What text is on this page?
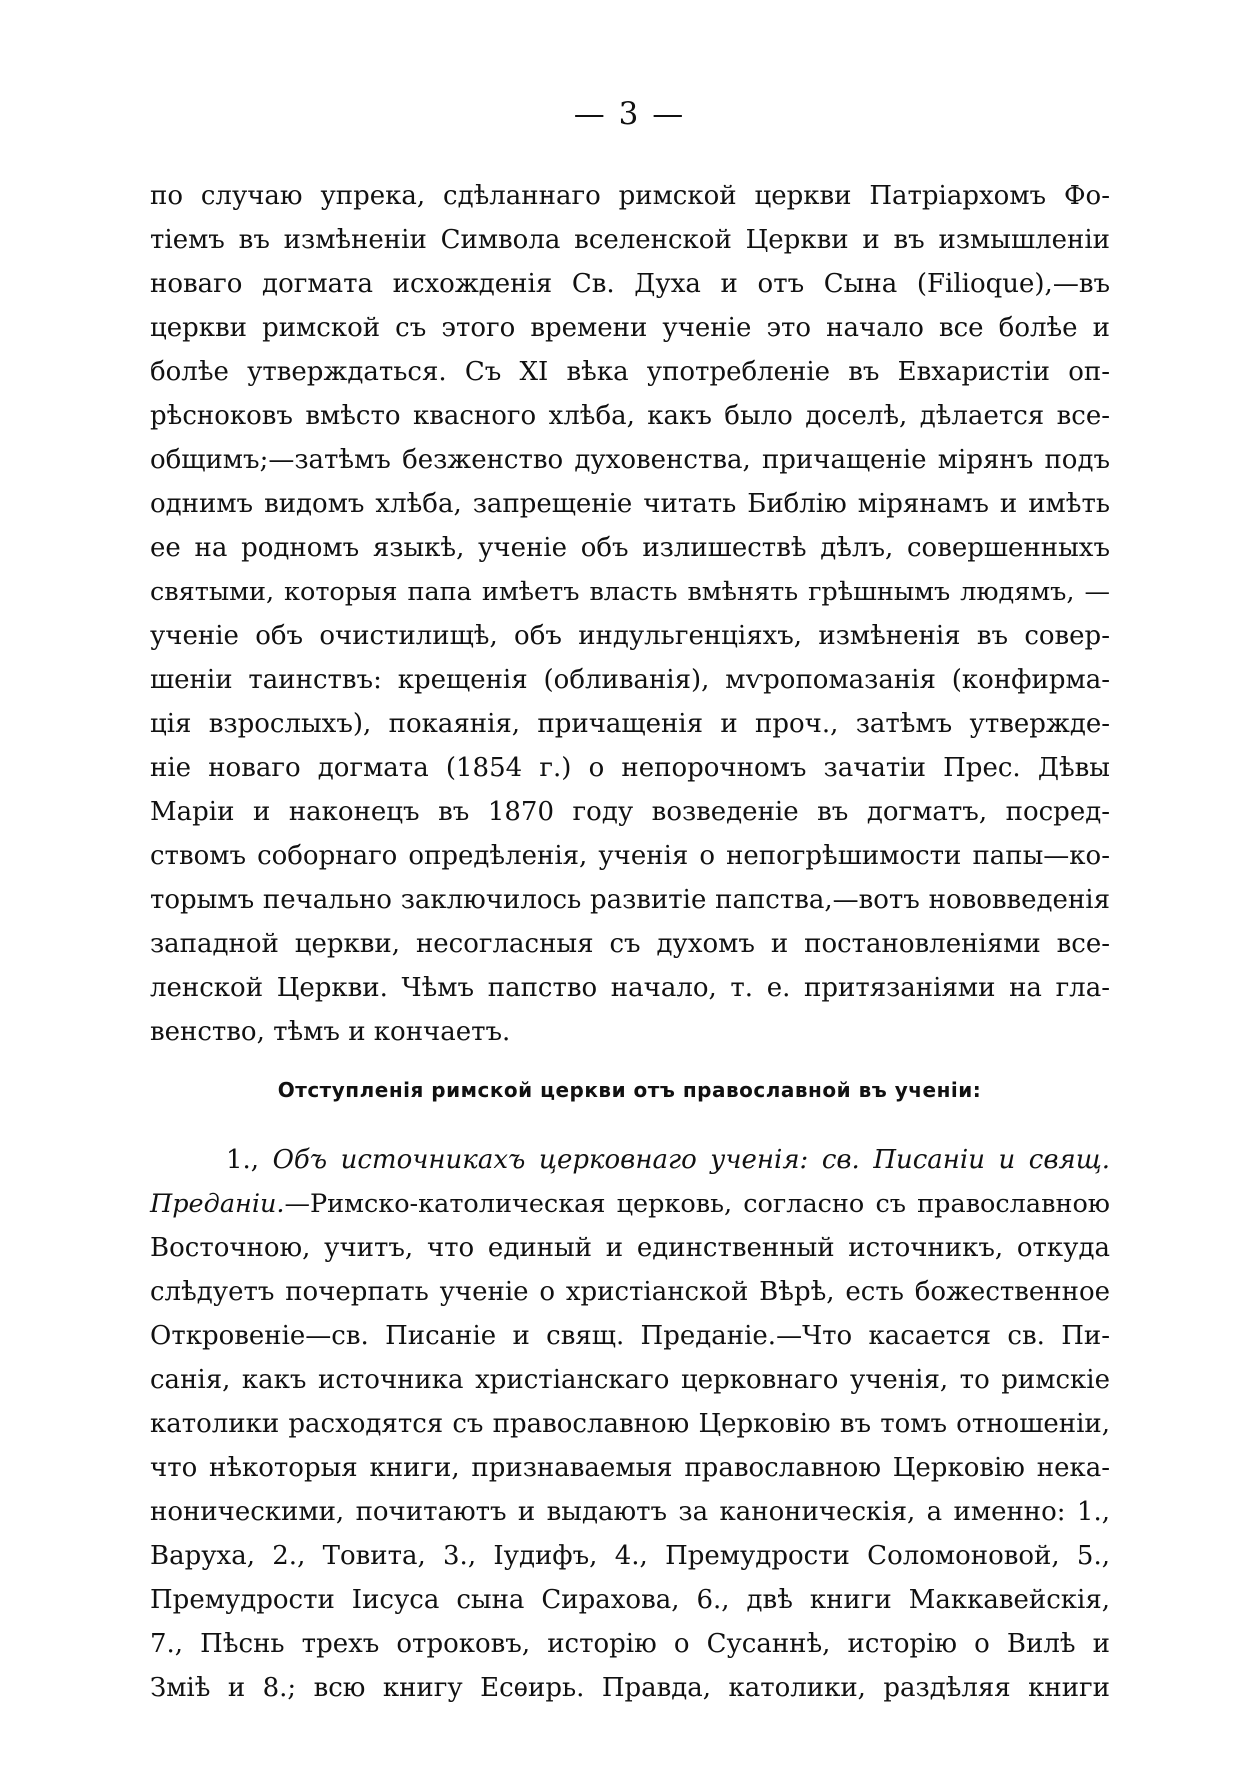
— 3 —
по случаю упрека, сдѣланнаго римской церкви Патріархомъ Фо-
тіемъ въ измѣненіи Символа вселенской Церкви и въ измышленіи
новаго догмата исхожденія Св. Духа и отъ Сына (Filioque),—въ
церкви римской съ этого времени ученіе это начало все болѣе и
болѣе утверждаться. Съ XI вѣка употребленіе въ Евхаристіи оп-
рѣсноковъ вмѣсто квасного хлѣба, какъ было доселѣ, дѣлается все-
общимъ;—затѣмъ безженство духовенства, причащеніе мірянъ подъ
однимъ видомъ хлѣба, запрещеніе читать Библію мірянамъ и имѣть
ее на родномъ языкѣ, ученіе объ излишествѣ дѣлъ, совершенныхъ
святыми, которыя папа имѣетъ власть вмѣнять грѣшнымъ людямъ, —
ученіе объ очистилищѣ, объ индульгенціяхъ, измѣненія въ совер-
шеніи таинствъ: крещенія (обливанія), мѵропомазанія (конфирма-
ція взрослыхъ), покаянія, причащенія и проч., затѣмъ утвержде-
ніе новаго догмата (1854 г.) о непорочномъ зачатіи Прес. Дѣвы
Маріи и наконецъ въ 1870 году возведеніе въ догматъ, посред-
ствомъ соборнаго опредѣленія, ученія о непогрѣшимости папы—ко-
торымъ печально заключилось развитіе папства,—вотъ нововведенія
западной церкви, несогласныя съ духомъ и постановленіями все-
ленской Церкви. Чѣмъ папство начало, т. е. притязаніями на гла-
венство, тѣмъ и кончаетъ.
Отступленія римской церкви отъ православной въ ученіи:
1., Объ источникахъ церковнаго ученія: св. Писаніи и свящ.
Преданіи.—Римско-католическая церковь, согласно съ православною
Восточною, учитъ, что единый и единственный источникъ, откуда
слѣдуетъ почерпать ученіе о христіанской Вѣрѣ, есть божественное
Откровеніе—св. Писаніе и свящ. Преданіе.—Что касается св. Пи-
санія, какъ источника христіанскаго церковнаго ученія, то римскіе
католики расходятся съ православною Церковію въ томъ отношеніи,
что нѣкоторыя книги, признаваемыя православною Церковію нека-
ноническими, почитаютъ и выдаютъ за каноническія, а именно: 1.,
Варуха, 2., Товита, 3., Іудифъ, 4., Премудрости Соломоновой, 5.,
Премудрости Іисуса сына Сирахова, 6., двѣ книги Маккавейскія,
7., Пѣснь трехъ отроковъ, исторію о Сусаннѣ, исторію о Вилѣ и
Зміѣ и 8.; всю книгу Есѳирь. Правда, католики, раздѣляя книги
